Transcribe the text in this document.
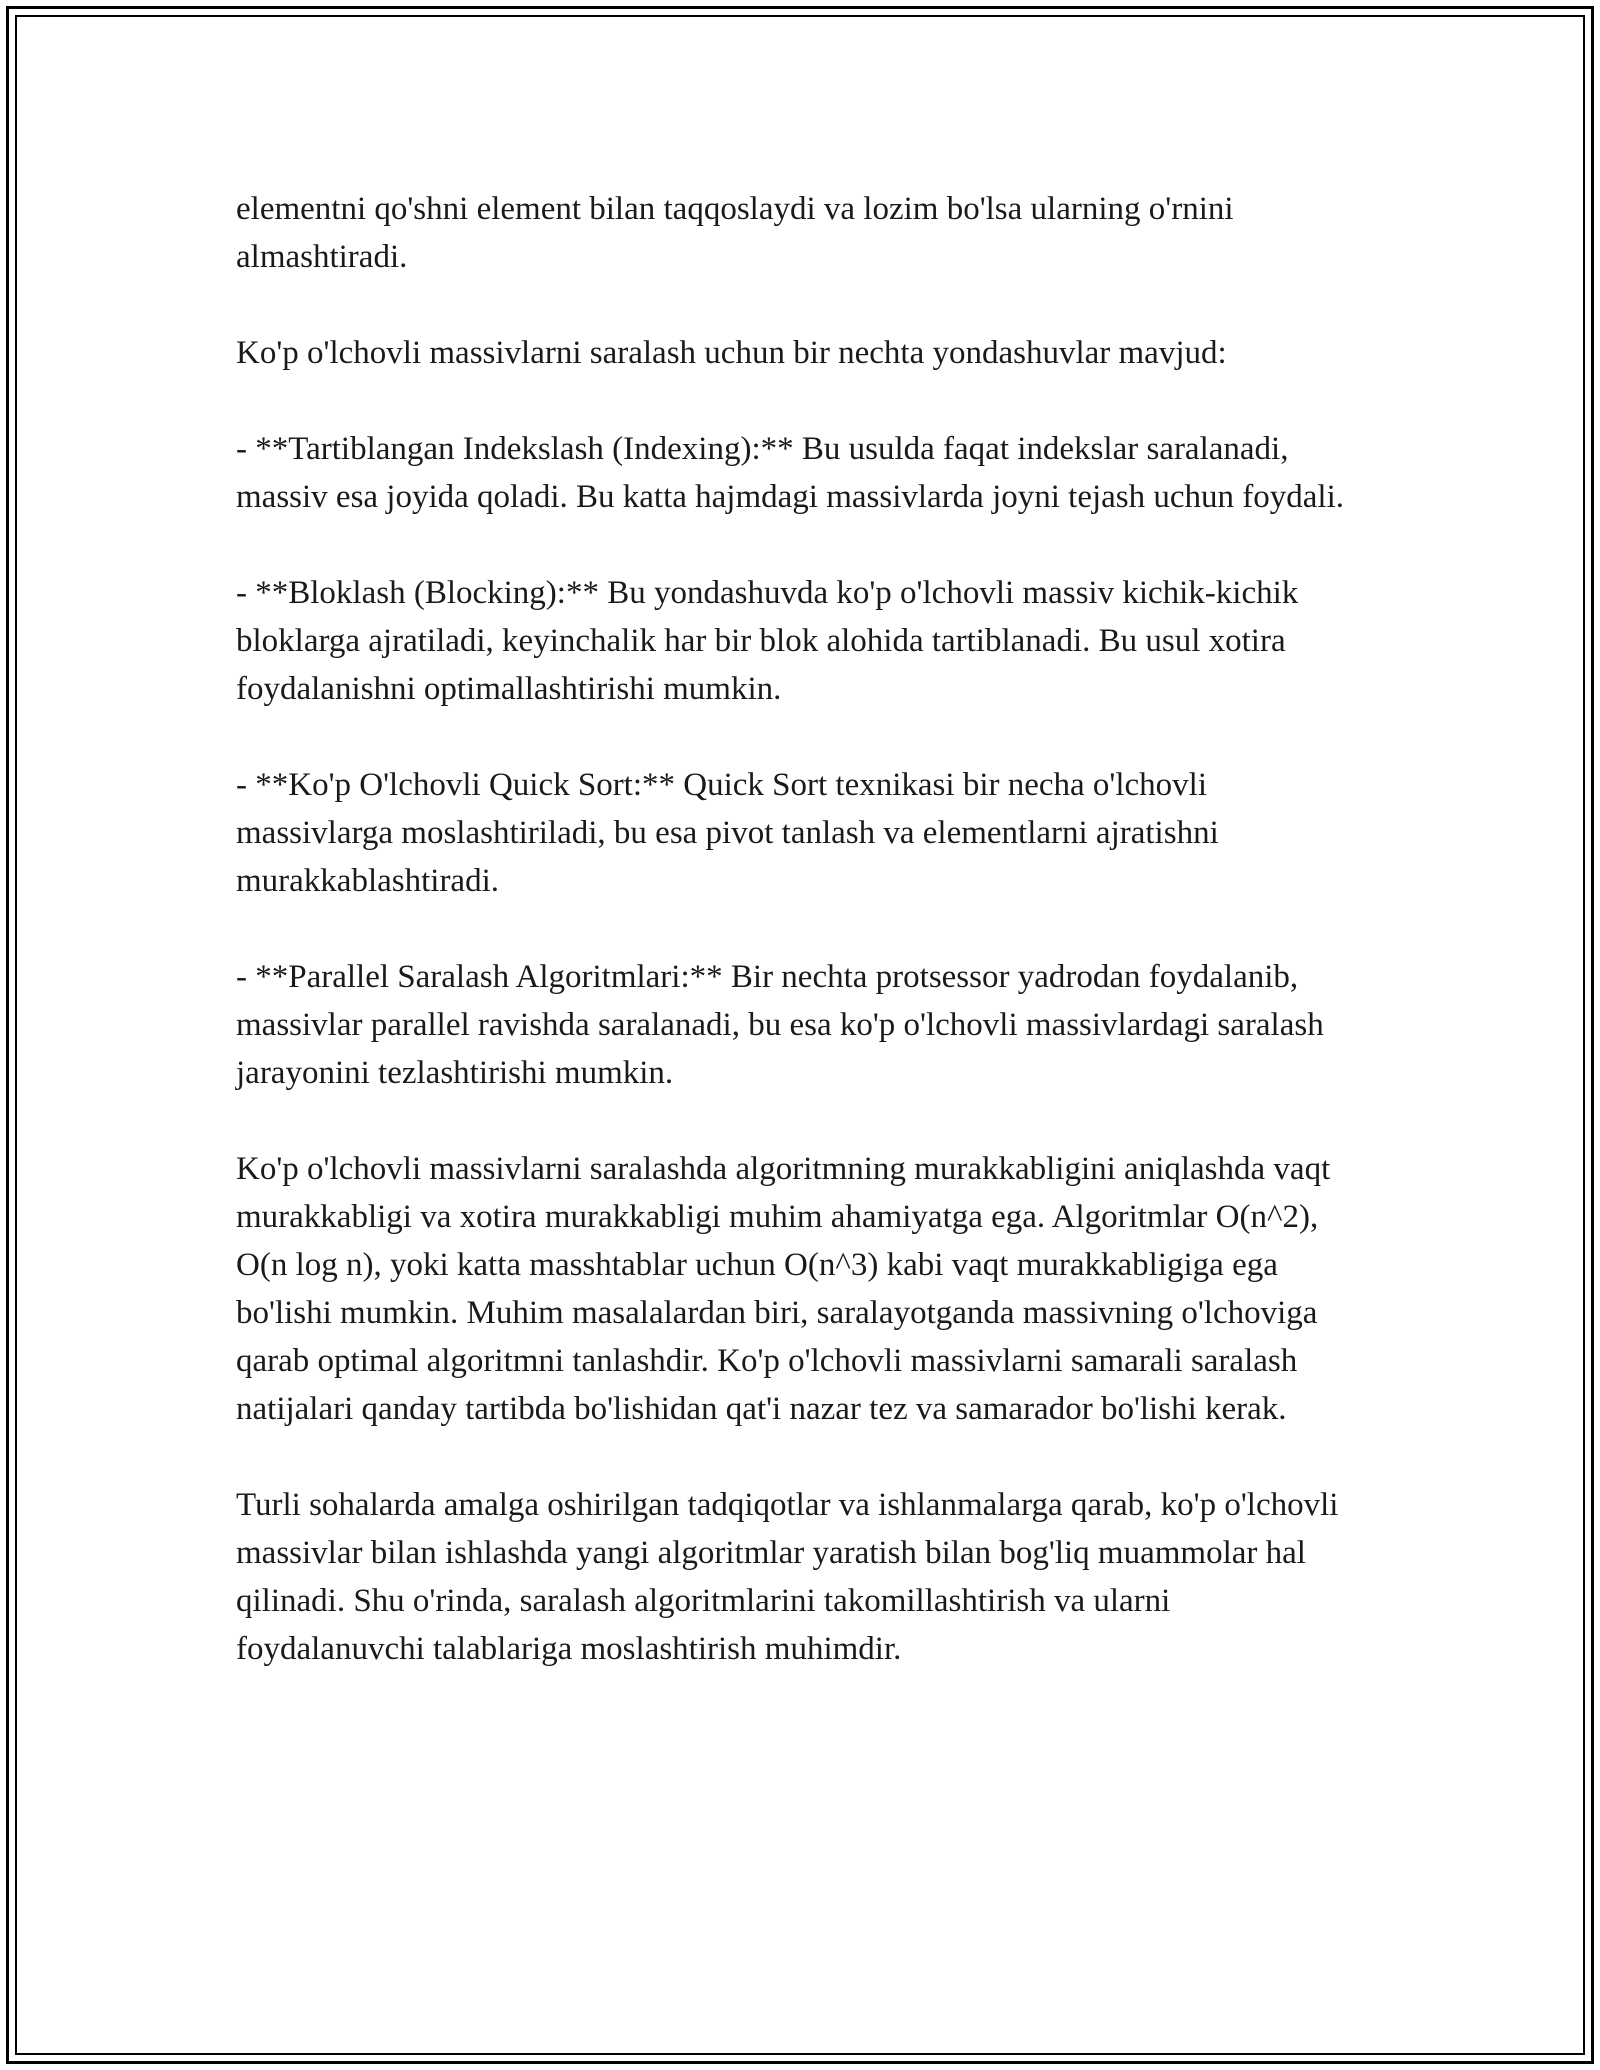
elementni qo'shni element bilan taqqoslaydi va lozim bo'lsa ularning o'rnini almashtiradi.

Ko'p o'lchovli massivlarni saralash uchun bir nechta yondashuvlar mavjud:

- **Tartiblangan Indekslash (Indexing):** Bu usulda faqat indekslar saralanadi, massiv esa joyida qoladi. Bu katta hajmdagi massivlarda joyni tejash uchun foydali.

- **Bloklash (Blocking):** Bu yondashuvda ko'p o'lchovli massiv kichik-kichik bloklarga ajratiladi, keyinchalik har bir blok alohida tartiblanadi. Bu usul xotira foydalanishni optimallashtirishi mumkin.

- **Ko'p O'lchovli Quick Sort:** Quick Sort texnikasi bir necha o'lchovli massivlarga moslashtiriladi, bu esa pivot tanlash va elementlarni ajratishni murakkablashtiradi.

- **Parallel Saralash Algoritmlari:** Bir nechta protsessor yadrodan foydalanib, massivlar parallel ravishda saralanadi, bu esa ko'p o'lchovli massivlardagi saralash jarayonini tezlashtirishi mumkin.

Ko'p o'lchovli massivlarni saralashda algoritmning murakkabligini aniqlashda vaqt murakkabligi va xotira murakkabligi muhim ahamiyatga ega. Algoritmlar O(n^2), O(n log n), yoki katta masshtablar uchun O(n^3) kabi vaqt murakkabligiga ega bo'lishi mumkin. Muhim masalalardan biri, saralayotganda massivning o'lchoviga qarab optimal algoritmni tanlashdir. Ko'p o'lchovli massivlarni samarali saralash natijalari qanday tartibda bo'lishidan qat'i nazar tez va samarador bo'lishi kerak.

Turli sohalarda amalga oshirilgan tadqiqotlar va ishlanmalarga qarab, ko'p o'lchovli massivlar bilan ishlashda yangi algoritmlar yaratish bilan bog'liq muammolar hal qilinadi. Shu o'rinda, saralash algoritmlarini takomillashtirish va ularni foydalanuvchi talablariga moslashtirish muhimdir.
